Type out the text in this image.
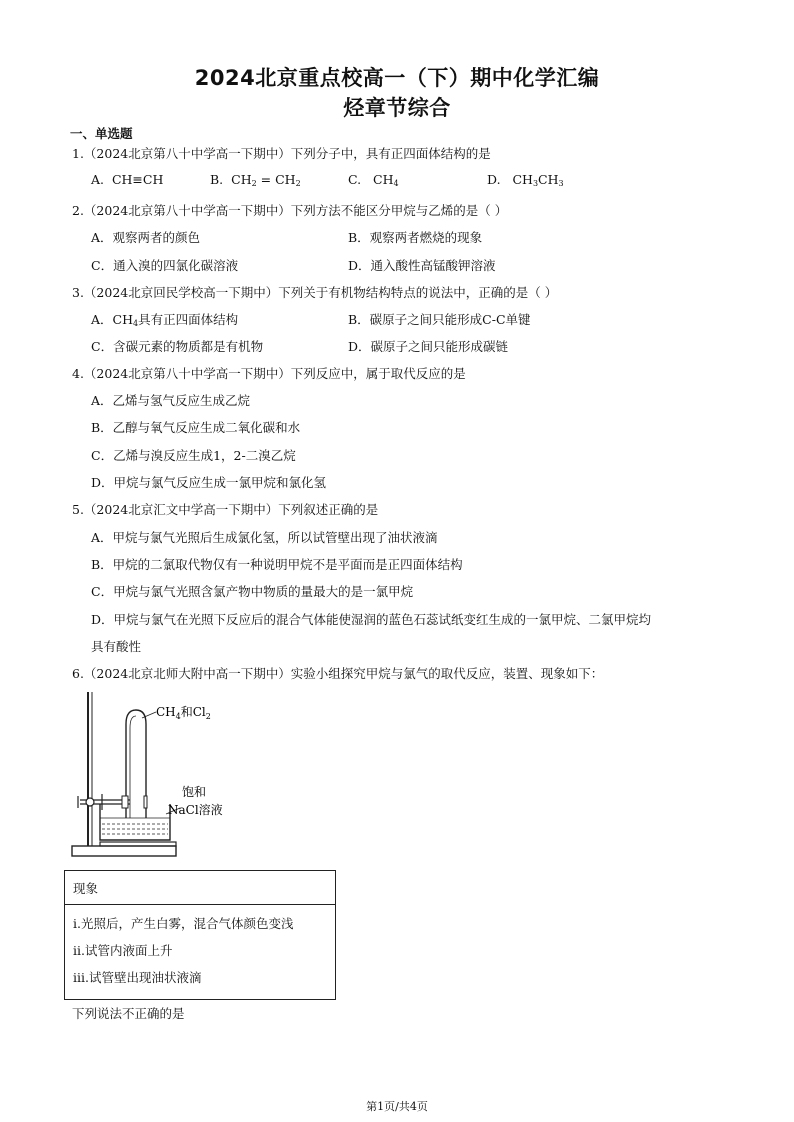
2024北京重点校高一（下）期中化学汇编
烃章节综合
一、单选题
1.（2024北京第八十中学高一下期中）下列分子中，具有正四面体结构的是
A. CH≡CH	B. $CH_2 = CH_2$	C. $CH_4$	D. $CH_3CH_3$
2.（2024北京第八十中学高一下期中）下列方法不能区分甲烷与乙烯的是（ ）
A．观察两者的颜色	B．观察两者燃烧的现象
C．通入溴的四氯化碳溶液	D．通入酸性高锰酸钾溶液
3.（2024北京回民学校高一下期中）下列关于有机物结构特点的说法中，正确的是（ ）
A．$CH_4$具有正四面体结构	B．碳原子之间只能形成C-C单键
C．含碳元素的物质都是有机物	D．碳原子之间只能形成碳链
4.（2024北京第八十中学高一下期中）下列反应中，属于取代反应的是
A．乙烯与氢气反应生成乙烷
B．乙醇与氧气反应生成二氧化碳和水
C．乙烯与溴反应生成1，2-二溴乙烷
D．甲烷与氯气反应生成一氯甲烷和氯化氢
5.（2024北京汇文中学高一下期中）下列叙述正确的是
A．甲烷与氯气光照后生成氯化氢，所以试管壁出现了油状液滴
B．甲烷的二氯取代物仅有一种说明甲烷不是平面而是正四面体结构
C．甲烷与氯气光照含氯产物中物质的量最大的是一氯甲烷
D．甲烷与氯气在光照下反应后的混合气体能使湿润的蓝色石蕊试纸变红生成的一氯甲烷、二氯甲烷均
具有酸性
6.（2024北京北师大附中高一下期中）实验小组探究甲烷与氯气的取代反应，装置、现象如下：
$CH_4$和$Cl_2$
饱和
NaCl溶液
现象
ⅰ.光照后，产生白雾，混合气体颜色变浅
ⅱ.试管内液面上升
ⅲ.试管壁出现油状液滴
下列说法不正确的是
第1页/共4页
